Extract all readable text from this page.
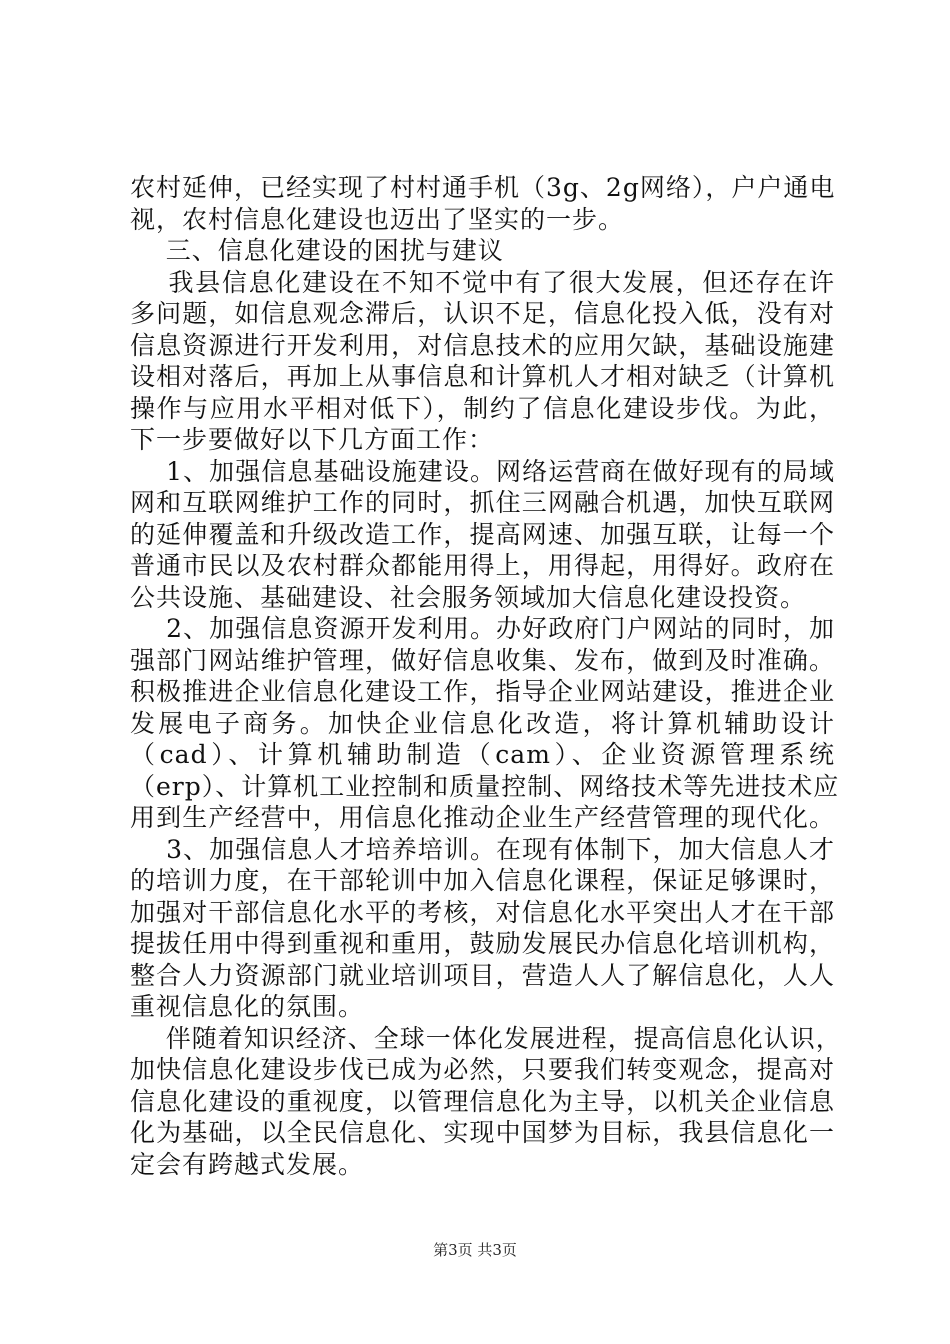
农村延伸，已经实现了村村通手机（3g、2g网络），户户通电
视，农村信息化建设也迈出了坚实的一步。
三、信息化建设的困扰与建议
我县信息化建设在不知不觉中有了很大发展，但还存在许
多问题，如信息观念滞后，认识不足，信息化投入低，没有对
信息资源进行开发利用，对信息技术的应用欠缺，基础设施建
设相对落后，再加上从事信息和计算机人才相对缺乏（计算机
操作与应用水平相对低下），制约了信息化建设步伐。为此，
下一步要做好以下几方面工作：
1、加强信息基础设施建设。网络运营商在做好现有的局域
网和互联网维护工作的同时，抓住三网融合机遇，加快互联网
的延伸覆盖和升级改造工作，提高网速、加强互联，让每一个
普通市民以及农村群众都能用得上，用得起，用得好。政府在
公共设施、基础建设、社会服务领域加大信息化建设投资。
2、加强信息资源开发利用。办好政府门户网站的同时，加
强部门网站维护管理，做好信息收集、发布，做到及时准确。
积极推进企业信息化建设工作，指导企业网站建设，推进企业
发展电子商务。加快企业信息化改造，将计算机辅助设计
（cad）、计算机辅助制造（cam）、企业资源管理系统
（erp）、计算机工业控制和质量控制、网络技术等先进技术应
用到生产经营中，用信息化推动企业生产经营管理的现代化。
3、加强信息人才培养培训。在现有体制下，加大信息人才
的培训力度，在干部轮训中加入信息化课程，保证足够课时，
加强对干部信息化水平的考核，对信息化水平突出人才在干部
提拔任用中得到重视和重用，鼓励发展民办信息化培训机构，
整合人力资源部门就业培训项目，营造人人了解信息化，人人
重视信息化的氛围。
伴随着知识经济、全球一体化发展进程，提高信息化认识，
加快信息化建设步伐已成为必然，只要我们转变观念，提高对
信息化建设的重视度，以管理信息化为主导，以机关企业信息
化为基础，以全民信息化、实现中国梦为目标，我县信息化一
定会有跨越式发展。
第3页 共3页
